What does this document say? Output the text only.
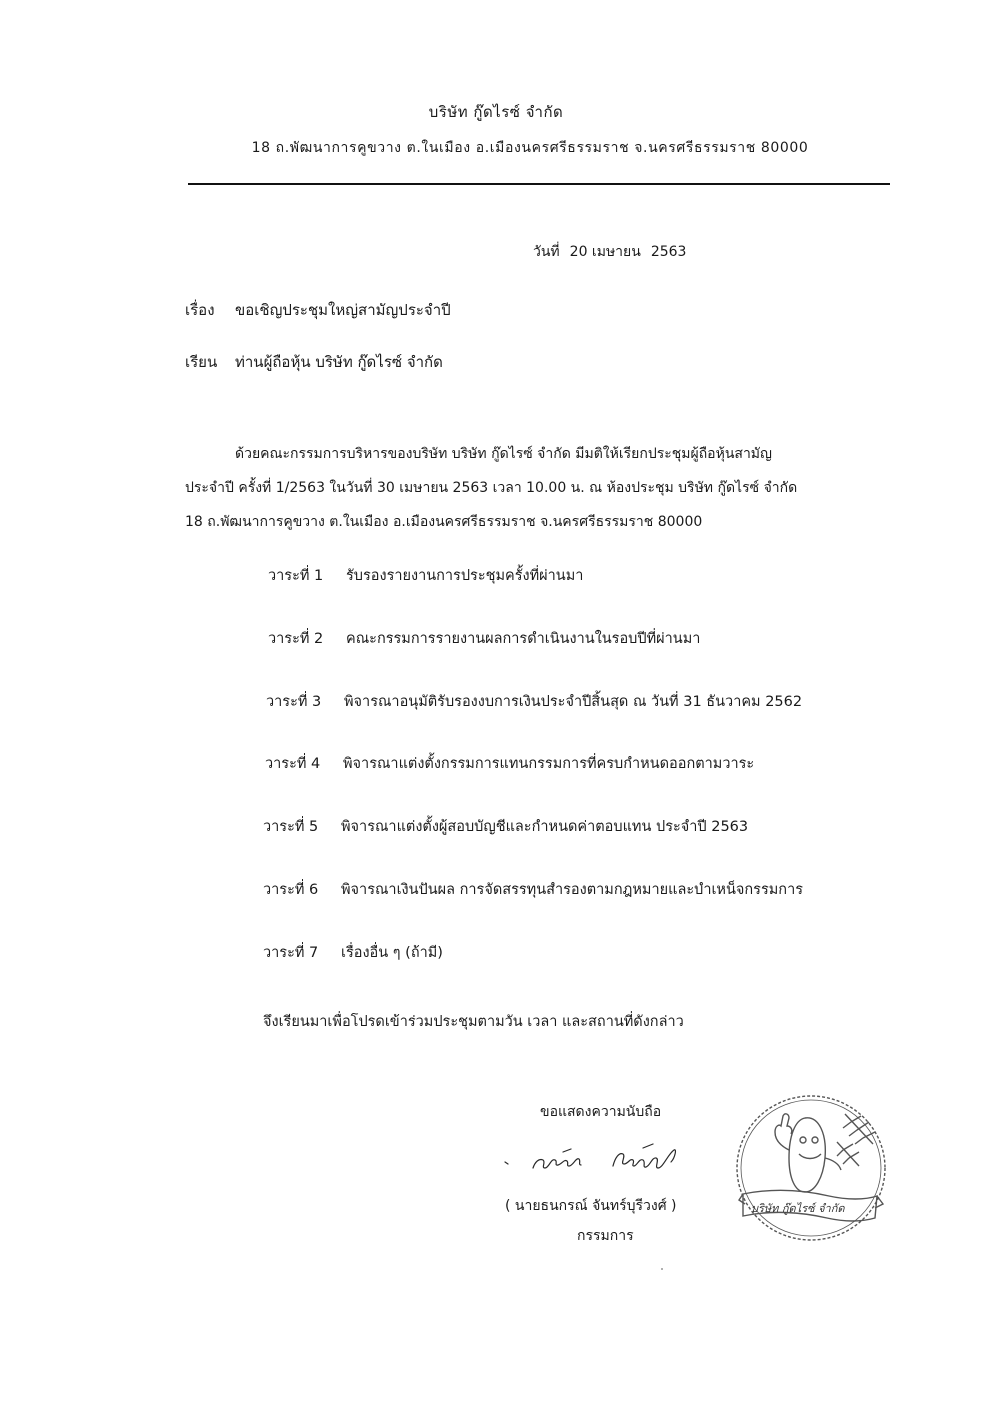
บริษัท กู๊ดไรซ์ จำกัด
18 ถ.พัฒนาการคูขวาง ต.ในเมือง อ.เมืองนครศรีธรรมราช จ.นครศรีธรรมราช 80000
วันที่ 20 เมษายน 2563
เรื่อง ขอเชิญประชุมใหญ่สามัญประจำปี
เรียน ท่านผู้ถือหุ้น บริษัท กู๊ดไรซ์ จำกัด
ด้วยคณะกรรมการบริหารของบริษัท บริษัท กู๊ดไรซ์ จำกัด มีมติให้เรียกประชุมผู้ถือหุ้นสามัญ
ประจำปี ครั้งที่ 1/2563 ในวันที่ 30 เมษายน 2563 เวลา 10.00 น. ณ ห้องประชุม บริษัท กู๊ดไรซ์ จำกัด
18 ถ.พัฒนาการคูขวาง ต.ในเมือง อ.เมืองนครศรีธรรมราช จ.นครศรีธรรมราช 80000
วาระที่ 1 รับรองรายงานการประชุมครั้งที่ผ่านมา
วาระที่ 2 คณะกรรมการรายงานผลการดำเนินงานในรอบปีที่ผ่านมา
วาระที่ 3 พิจารณาอนุมัติรับรองงบการเงินประจำปีสิ้นสุด ณ วันที่ 31 ธันวาคม 2562
วาระที่ 4 พิจารณาแต่งตั้งกรรมการแทนกรรมการที่ครบกำหนดออกตามวาระ
วาระที่ 5 พิจารณาแต่งตั้งผู้สอบบัญชีและกำหนดค่าตอบแทน ประจำปี 2563
วาระที่ 6 พิจารณาเงินปันผล การจัดสรรทุนสำรองตามกฎหมายและบำเหน็จกรรมการ
วาระที่ 7 เรื่องอื่น ๆ (ถ้ามี)
จึงเรียนมาเพื่อโปรดเข้าร่วมประชุมตามวัน เวลา และสถานที่ดังกล่าว
ขอแสดงความนับถือ
( นายธนกรณ์ จันทร์บุรีวงศ์ )
กรรมการ
บริษัท กู๊ดไรซ์ จำกัด
